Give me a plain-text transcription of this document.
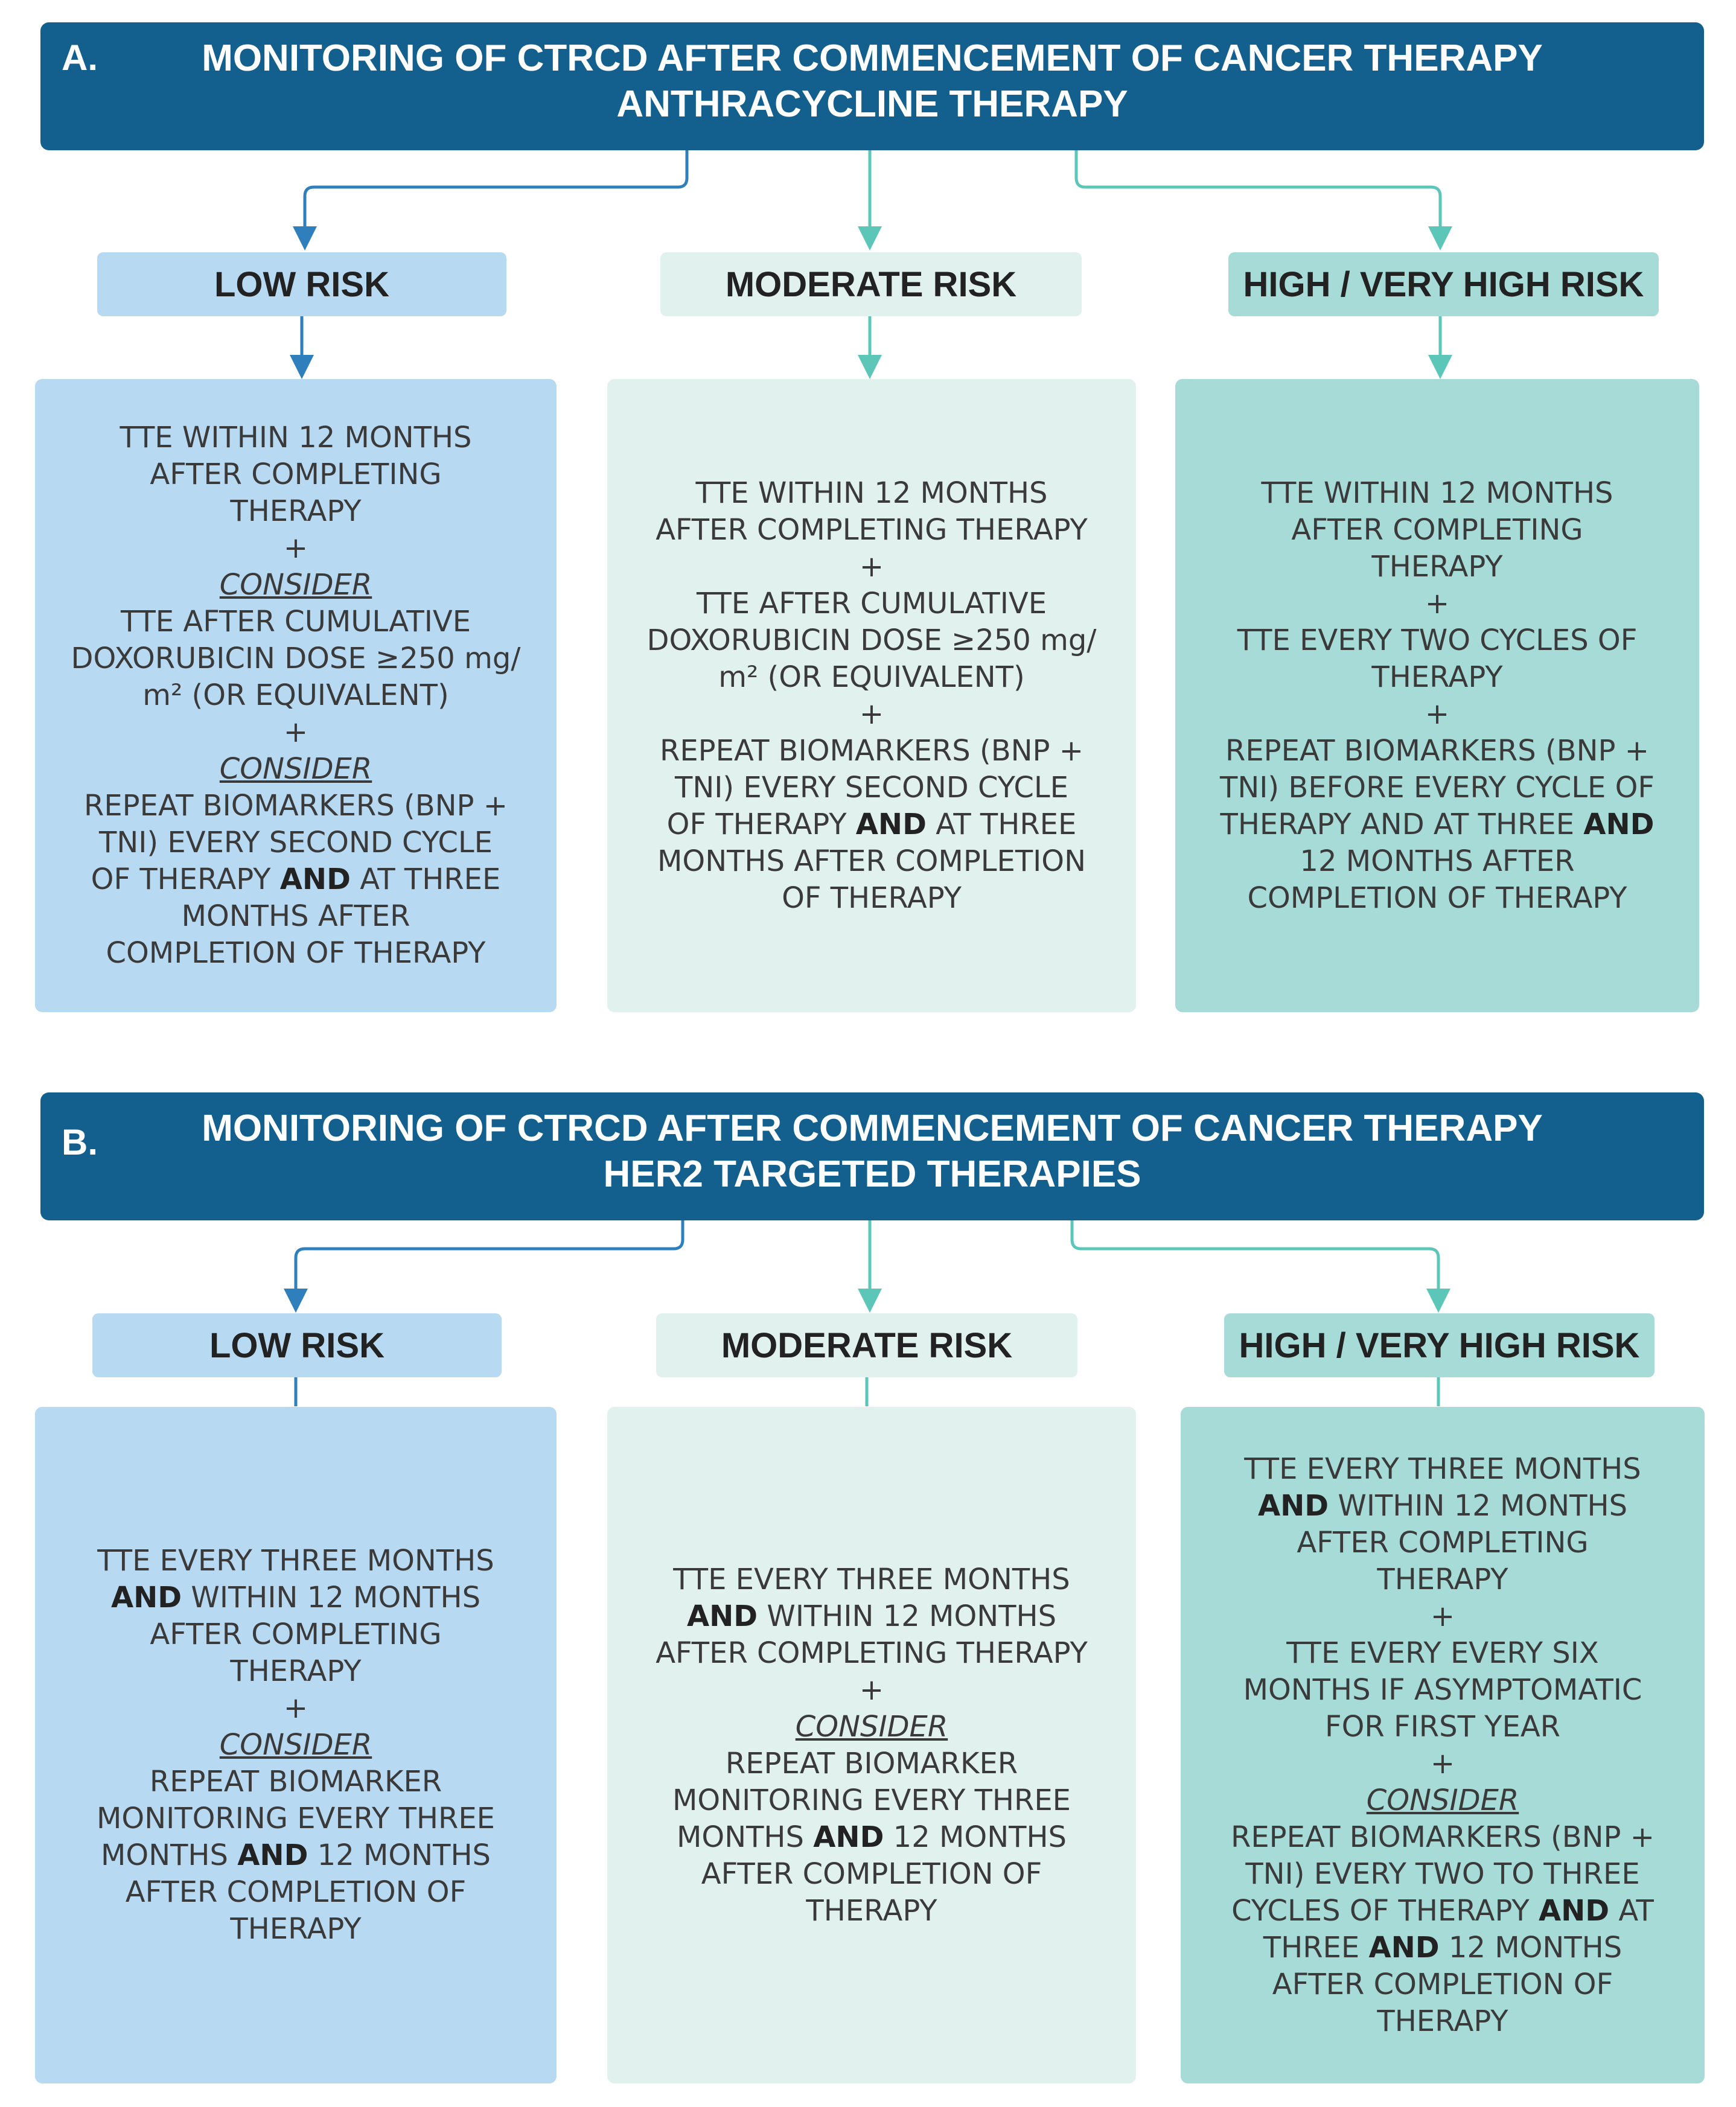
A.	MONITORING OF CTRCD AFTER COMMENCEMENT OF CANCER THERAPY
ANTHRACYCLINE THERAPY
LOW RISK	MODERATE RISK	HIGH / VERY HIGH RISK
TTE WITHIN 12 MONTHS
AFTER COMPLETING
THERAPY
+
CONSIDER
TTE AFTER CUMULATIVE
DOXORUBICIN DOSE ≥250 mg/
m² (OR EQUIVALENT)
+
CONSIDER
REPEAT BIOMARKERS (BNP +
TNI) EVERY SECOND CYCLE
OF THERAPY AND AT THREE
MONTHS AFTER
COMPLETION OF THERAPY
TTE WITHIN 12 MONTHS
AFTER COMPLETING THERAPY
+
TTE AFTER CUMULATIVE
DOXORUBICIN DOSE ≥250 mg/
m² (OR EQUIVALENT)
+
REPEAT BIOMARKERS (BNP +
TNI) EVERY SECOND CYCLE
OF THERAPY AND AT THREE
MONTHS AFTER COMPLETION
OF THERAPY
TTE WITHIN 12 MONTHS
AFTER COMPLETING
THERAPY
+
TTE EVERY TWO CYCLES OF
THERAPY
+
REPEAT BIOMARKERS (BNP +
TNI) BEFORE EVERY CYCLE OF
THERAPY AND AT THREE AND
12 MONTHS AFTER
COMPLETION OF THERAPY
B.	MONITORING OF CTRCD AFTER COMMENCEMENT OF CANCER THERAPY
HER2 TARGETED THERAPIES
LOW RISK	MODERATE RISK	HIGH / VERY HIGH RISK
TTE EVERY THREE MONTHS
AND WITHIN 12 MONTHS
AFTER COMPLETING
THERAPY
+
CONSIDER
REPEAT BIOMARKER
MONITORING EVERY THREE
MONTHS AND 12 MONTHS
AFTER COMPLETION OF
THERAPY
TTE EVERY THREE MONTHS
AND WITHIN 12 MONTHS
AFTER COMPLETING THERAPY
+
CONSIDER
REPEAT BIOMARKER
MONITORING EVERY THREE
MONTHS AND 12 MONTHS
AFTER COMPLETION OF
THERAPY
TTE EVERY THREE MONTHS
AND WITHIN 12 MONTHS
AFTER COMPLETING
THERAPY
+
TTE EVERY EVERY SIX
MONTHS IF ASYMPTOMATIC
FOR FIRST YEAR
+
CONSIDER
REPEAT BIOMARKERS (BNP +
TNI) EVERY TWO TO THREE
CYCLES OF THERAPY AND AT
THREE AND 12 MONTHS
AFTER COMPLETION OF
THERAPY
